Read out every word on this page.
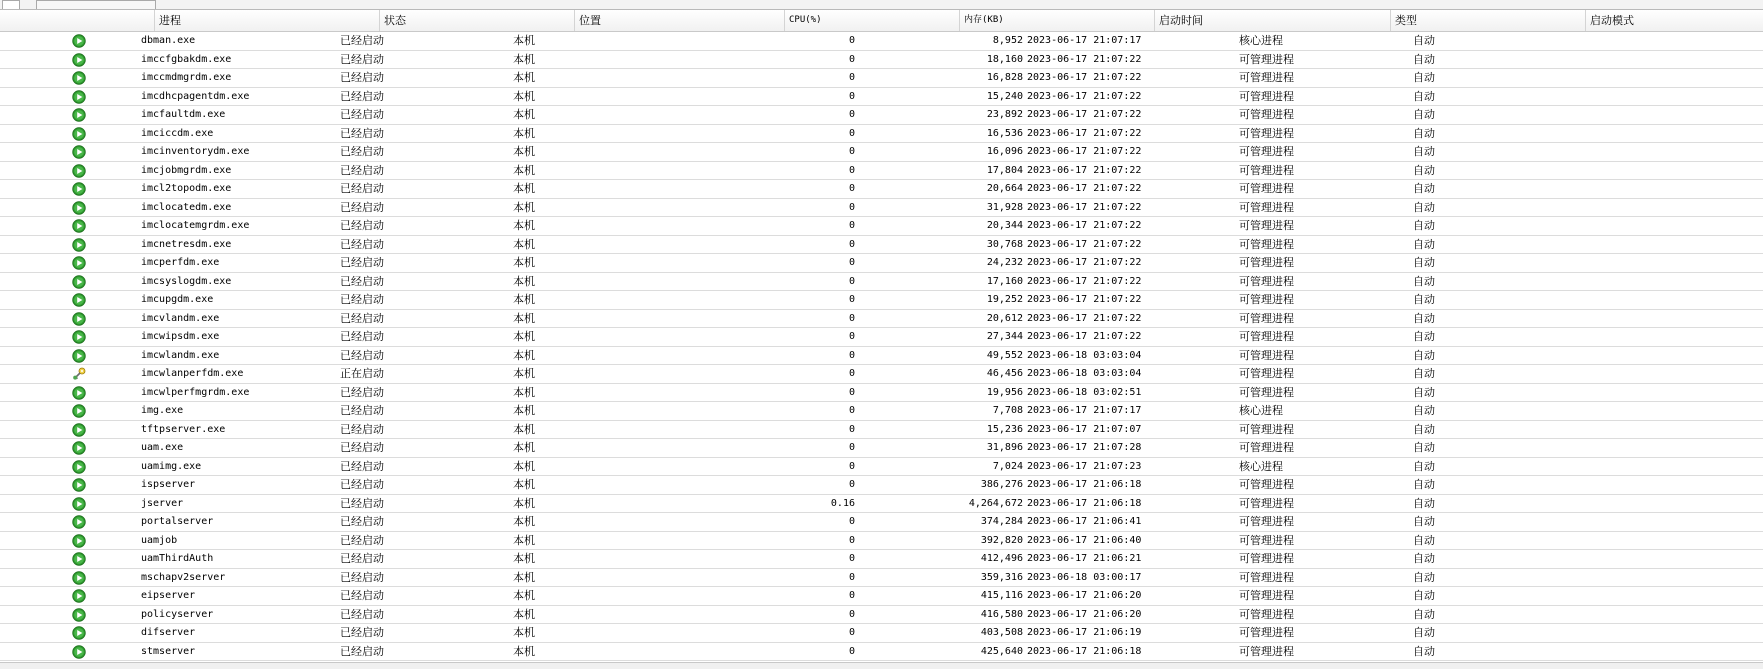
进程	状态	位置	CPU(%)	内存(KB)	启动时间	类型	启动模式
dbman.exe	已经启动	本机	0	8,952 2023-06-17 21:07:17	核心进程	自动
imccfgbakdm.exe	已经启动	本机	0	18,160 2023-06-17 21:07:22	可管理进程	自动
imccmdmgrdm.exe	已经启动	本机	0	16,828 2023-06-17 21:07:22	可管理进程	自动
imcdhcpagentdm.exe	已经启动	本机	0	15,240 2023-06-17 21:07:22	可管理进程	自动
imcfaultdm.exe	已经启动	本机	0	23,892 2023-06-17 21:07:22	可管理进程	自动
imciccdm.exe	已经启动	本机	0	16,536 2023-06-17 21:07:22	可管理进程	自动
imcinventorydm.exe	已经启动	本机	0	16,096 2023-06-17 21:07:22	可管理进程	自动
imcjobmgrdm.exe	已经启动	本机	0	17,804 2023-06-17 21:07:22	可管理进程	自动
imcl2topodm.exe	已经启动	本机	0	20,664 2023-06-17 21:07:22	可管理进程	自动
imclocatedm.exe	已经启动	本机	0	31,928 2023-06-17 21:07:22	可管理进程	自动
imclocatemgrdm.exe	已经启动	本机	0	20,344 2023-06-17 21:07:22	可管理进程	自动
imcnetresdm.exe	已经启动	本机	0	30,768 2023-06-17 21:07:22	可管理进程	自动
imcperfdm.exe	已经启动	本机	0	24,232 2023-06-17 21:07:22	可管理进程	自动
imcsyslogdm.exe	已经启动	本机	0	17,160 2023-06-17 21:07:22	可管理进程	自动
imcupgdm.exe	已经启动	本机	0	19,252 2023-06-17 21:07:22	可管理进程	自动
imcvlandm.exe	已经启动	本机	0	20,612 2023-06-17 21:07:22	可管理进程	自动
imcwipsdm.exe	已经启动	本机	0	27,344 2023-06-17 21:07:22	可管理进程	自动
imcwlandm.exe	已经启动	本机	0	49,552 2023-06-18 03:03:04	可管理进程	自动
imcwlanperfdm.exe	正在启动	本机	0	46,456 2023-06-18 03:03:04	可管理进程	自动
imcwlperfmgrdm.exe	已经启动	本机	0	19,956 2023-06-18 03:02:51	可管理进程	自动
img.exe	已经启动	本机	0	7,708 2023-06-17 21:07:17	核心进程	自动
tftpserver.exe	已经启动	本机	0	15,236 2023-06-17 21:07:07	可管理进程	自动
uam.exe	已经启动	本机	0	31,896 2023-06-17 21:07:28	可管理进程	自动
uamimg.exe	已经启动	本机	0	7,024 2023-06-17 21:07:23	核心进程	自动
ispserver	已经启动	本机	0	386,276 2023-06-17 21:06:18	可管理进程	自动
jserver	已经启动	本机	0.16	4,264,672 2023-06-17 21:06:18	可管理进程	自动
portalserver	已经启动	本机	0	374,284 2023-06-17 21:06:41	可管理进程	自动
uamjob	已经启动	本机	0	392,820 2023-06-17 21:06:40	可管理进程	自动
uamThirdAuth	已经启动	本机	0	412,496 2023-06-17 21:06:21	可管理进程	自动
mschapv2server	已经启动	本机	0	359,316 2023-06-18 03:00:17	可管理进程	自动
eipserver	已经启动	本机	0	415,116 2023-06-17 21:06:20	可管理进程	自动
policyserver	已经启动	本机	0	416,580 2023-06-17 21:06:20	可管理进程	自动
difserver	已经启动	本机	0	403,508 2023-06-17 21:06:19	可管理进程	自动
stmserver	已经启动	本机	0	425,640 2023-06-17 21:06:18	可管理进程	自动
